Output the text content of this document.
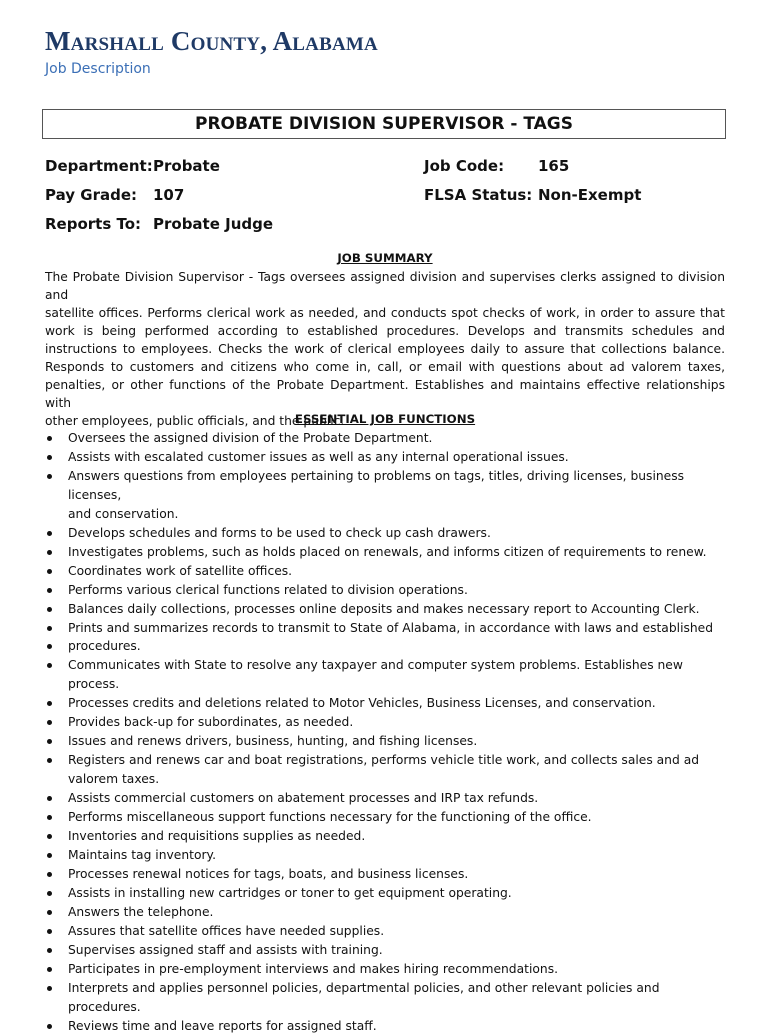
Marshall County, Alabama
Job Description
PROBATE DIVISION SUPERVISOR - TAGS
Department: Probate
Pay Grade: 107
Reports To: Probate Judge
Job Code: 165
FLSA Status: Non-Exempt
JOB SUMMARY
The Probate Division Supervisor - Tags oversees assigned division and supervises clerks assigned to division and
satellite offices. Performs clerical work as needed, and conducts spot checks of work, in order to assure that
work is being performed according to established procedures. Develops and transmits schedules and
instructions to employees. Checks the work of clerical employees daily to assure that collections balance.
Responds to customers and citizens who come in, call, or email with questions about ad valorem taxes,
penalties, or other functions of the Probate Department. Establishes and maintains effective relationships with
other employees, public officials, and the public.
ESSENTIAL JOB FUNCTIONS
Oversees the assigned division of the Probate Department.
Assists with escalated customer issues as well as any internal operational issues.
Answers questions from employees pertaining to problems on tags, titles, driving licenses, business licenses,
and conservation.
Develops schedules and forms to be used to check up cash drawers.
Investigates problems, such as holds placed on renewals, and informs citizen of requirements to renew.
Coordinates work of satellite offices.
Performs various clerical functions related to division operations.
Balances daily collections, processes online deposits and makes necessary report to Accounting Clerk.
Prints and summarizes records to transmit to State of Alabama, in accordance with laws and established
procedures.
Communicates with State to resolve any taxpayer and computer system problems. Establishes new process.
Processes credits and deletions related to Motor Vehicles, Business Licenses, and conservation.
Provides back-up for subordinates, as needed.
Issues and renews drivers, business, hunting, and fishing licenses.
Registers and renews car and boat registrations, performs vehicle title work, and collects sales and ad
valorem taxes.
Assists commercial customers on abatement processes and IRP tax refunds.
Performs miscellaneous support functions necessary for the functioning of the office.
Inventories and requisitions supplies as needed.
Maintains tag inventory.
Processes renewal notices for tags, boats, and business licenses.
Assists in installing new cartridges or toner to get equipment operating.
Answers the telephone.
Assures that satellite offices have needed supplies.
Supervises assigned staff and assists with training.
Participates in pre-employment interviews and makes hiring recommendations.
Interprets and applies personnel policies, departmental policies, and other relevant policies and procedures.
Reviews time and leave reports for assigned staff.
